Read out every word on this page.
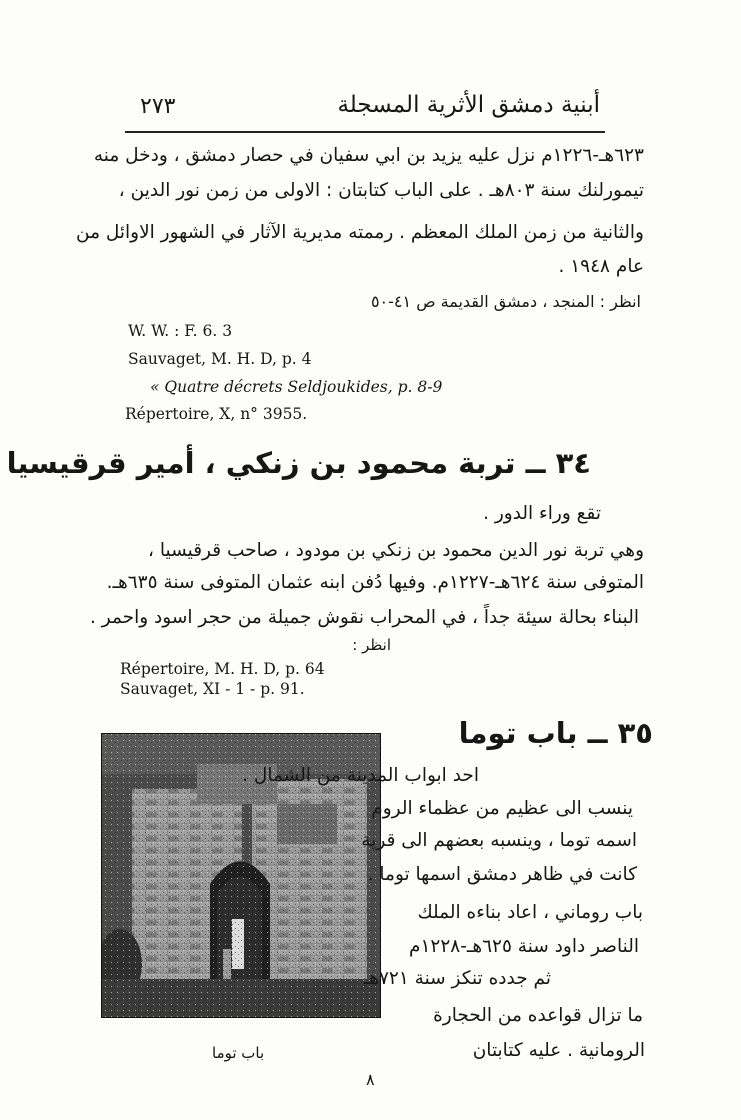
٢٧٣	أبنية دمشق الأثرية المسجلة
٦٢٣هـ-١٢٢٦م نزل عليه يزيد بن ابي سفيان في حصار دمشق ، ودخل منه
تيمورلنك سنة ٨٠٣هـ . على الباب كتابتان : الاولى من زمن نور الدين ،
والثانية من زمن الملك المعظم . رممته مديرية الآثار في الشهور الاوائل من
عام ١٩٤٨ .
انظر : المنجد ، دمشق القديمة ص ٤١-٥٠
W. W. : F. 6. 3
Sauvaget, M. H. D, p. 4
« Quatre décrets Seldjoukides, p. 8-9
Répertoire, X, n° 3955.
٣٤ ــ تربة محمود بن زنكي ، أمير قرقيسيا
تقع وراء الدور .
وهي تربة نور الدين محمود بن زنكي بن مودود ، صاحب قرقيسيا ،
المتوفى سنة ٦٢٤هـ-١٢٢٧م. وفيها دُفن ابنه عثمان المتوفى سنة ٦٣٥هـ.
البناء بحالة سيئة جداً ، في المحراب نقوش جميلة من حجر اسود واحمر .
انظر :
Répertoire, M. H. D, p. 64
Sauvaget, XI - 1 - p. 91.
٣٥ ــ باب توما
احد ابواب المدينة من الشمال .
ينسب الى عظيم من عظماء الروم
اسمه توما ، وينسبه بعضهم الى قرية
كانت في ظاهر دمشق اسمها توما .
باب روماني ، اعاد بناءه الملك
الناصر داود سنة ٦٢٥هـ-١٢٢٨م
ثم جدده تنكز سنة ٧٢١هـ
ما تزال قواعده من الحجارة
الرومانية . عليه كتابتان
باب توما
٨
